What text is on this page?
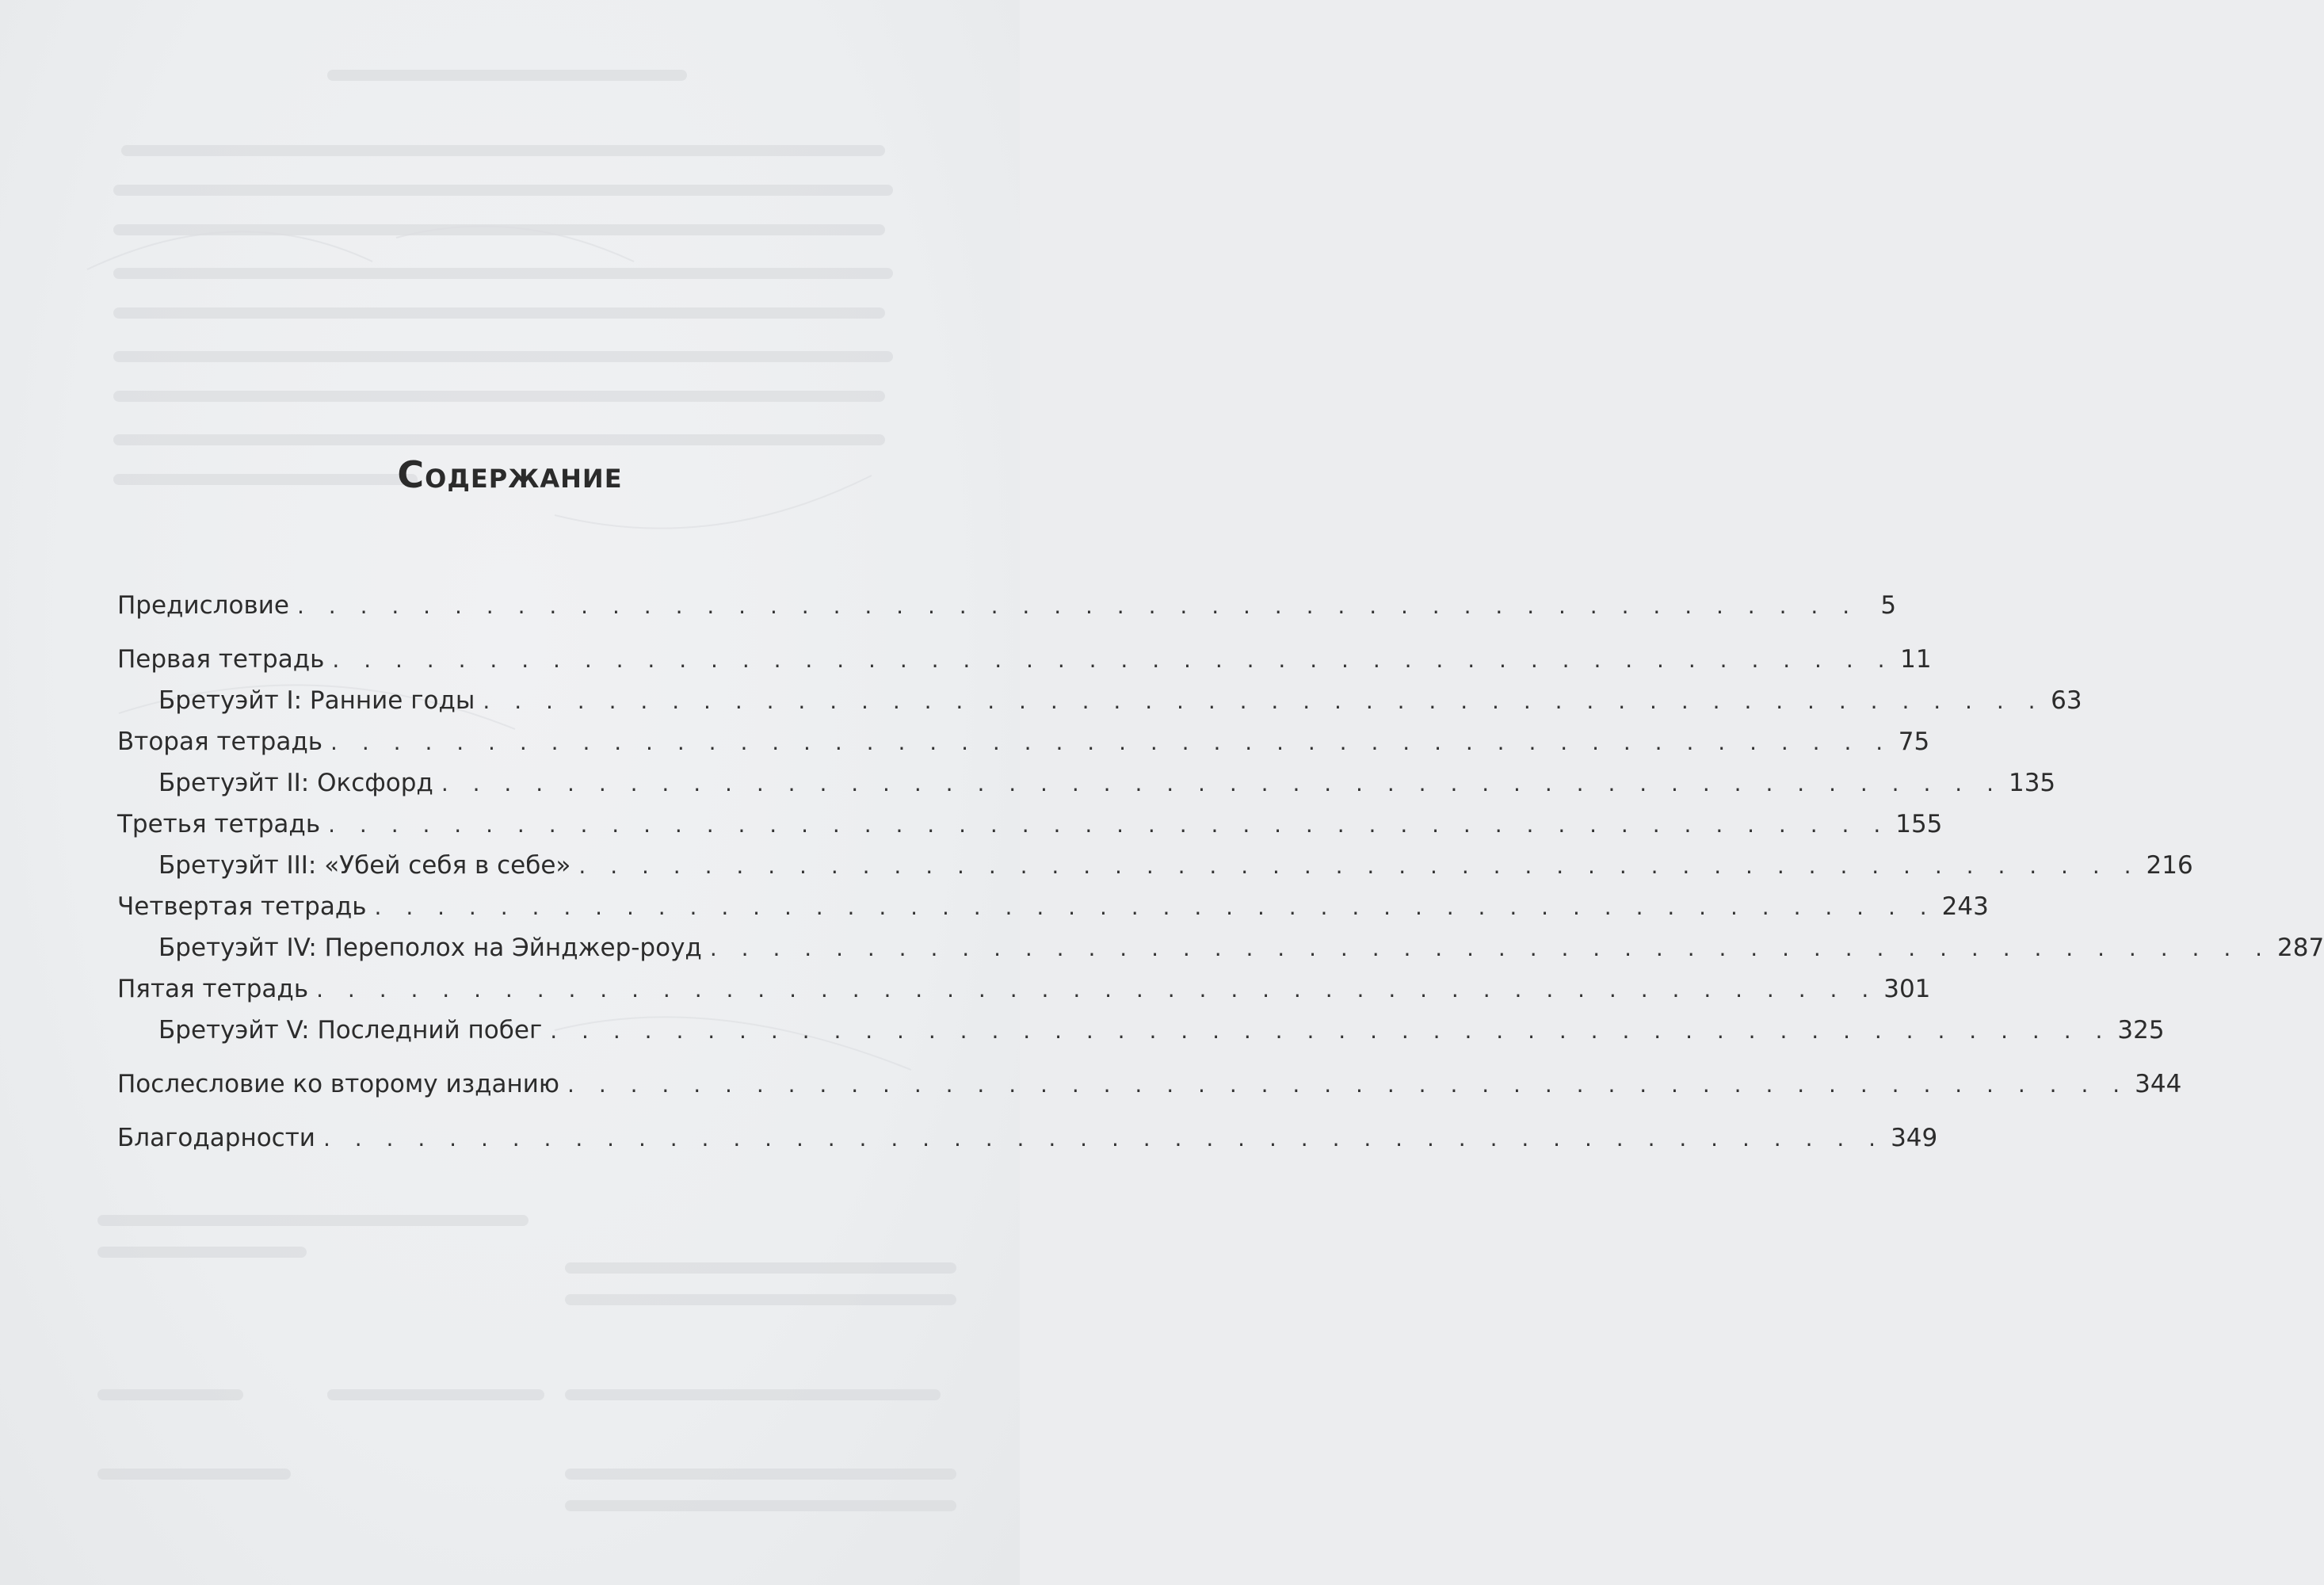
Содержание
Предисловие . . . . . . . . . . . . . . . . . . . . . . . . . . . . . . . . . . . . . . . . . . . . . . . . . . 5
Первая тетрадь . . . . . . . . . . . . . . . . . . . . . . . . . . . . . . . . . . . . . . . . . . . . . . . . . . 11
Бретуэйт I: Ранние годы . . . . . . . . . . . . . . . . . . . . . . . . . . . . . . . . . . . . . . . . . . . . . . . . . . 63
Вторая тетрадь . . . . . . . . . . . . . . . . . . . . . . . . . . . . . . . . . . . . . . . . . . . . . . . . . . 75
Бретуэйт II: Оксфорд . . . . . . . . . . . . . . . . . . . . . . . . . . . . . . . . . . . . . . . . . . . . . . . . . . 135
Третья тетрадь . . . . . . . . . . . . . . . . . . . . . . . . . . . . . . . . . . . . . . . . . . . . . . . . . . 155
Бретуэйт III: «Убей себя в себе» . . . . . . . . . . . . . . . . . . . . . . . . . . . . . . . . . . . . . . . . . . . . . . . . . . 216
Четвертая тетрадь . . . . . . . . . . . . . . . . . . . . . . . . . . . . . . . . . . . . . . . . . . . . . . . . . . 243
Бретуэйт IV: Переполох на Эйнджер-роуд . . . . . . . . . . . . . . . . . . . . . . . . . . . . . . . . . . . . . . . . . . . . . . . . . . 287
Пятая тетрадь . . . . . . . . . . . . . . . . . . . . . . . . . . . . . . . . . . . . . . . . . . . . . . . . . . 301
Бретуэйт V: Последний побег . . . . . . . . . . . . . . . . . . . . . . . . . . . . . . . . . . . . . . . . . . . . . . . . . . 325
Послесловие ко второму изданию . . . . . . . . . . . . . . . . . . . . . . . . . . . . . . . . . . . . . . . . . . . . . . . . . . 344
Благодарности . . . . . . . . . . . . . . . . . . . . . . . . . . . . . . . . . . . . . . . . . . . . . . . . . . 349
